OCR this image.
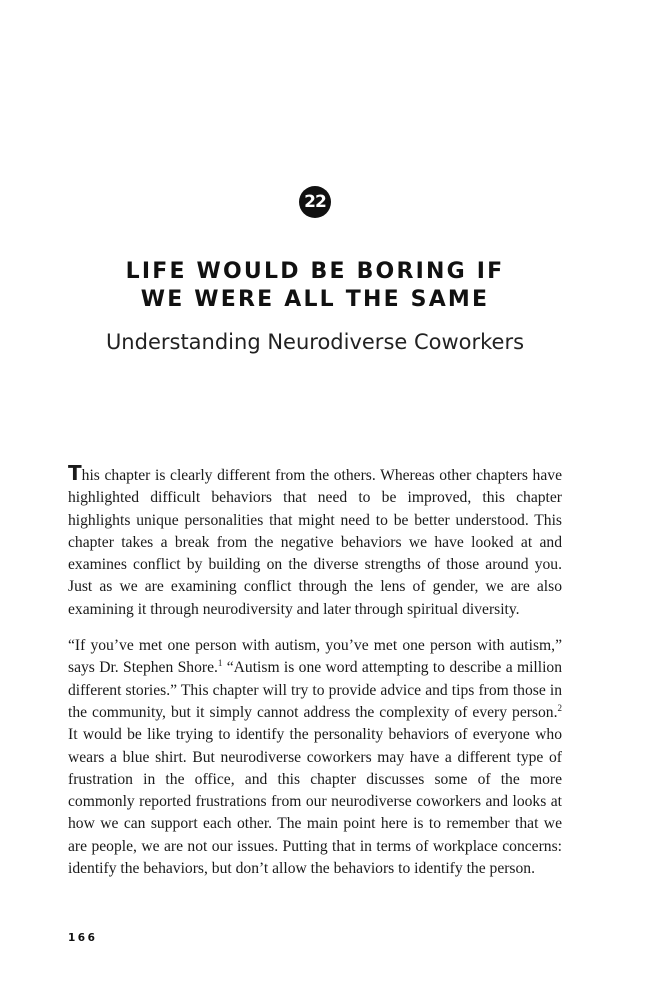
22
LIFE WOULD BE BORING IF
WE WERE ALL THE SAME
Understanding Neurodiverse Coworkers

This chapter is clearly different from the others. Whereas other chapters have highlighted difficult behaviors that need to be improved, this chapter highlights unique personalities that might need to be better understood. This chapter takes a break from the negative behaviors we have looked at and examines conflict by building on the diverse strengths of those around you. Just as we are examining conflict through the lens of gender, we are also examining it through neurodiversity and later through spiritual diversity.

“If you’ve met one person with autism, you’ve met one person with autism,” says Dr. Stephen Shore.$^1$ “Autism is one word attempting to describe a million different stories.” This chapter will try to provide advice and tips from those in the community, but it simply cannot address the complexity of every person.$^2$ It would be like trying to identify the personality behaviors of everyone who wears a blue shirt. But neurodiverse coworkers may have a different type of frustration in the office, and this chapter discusses some of the more commonly reported frustrations from our neurodiverse coworkers and looks at how we can support each other. The main point here is to remember that we are people, we are not our issues. Putting that in terms of workplace concerns: identify the behaviors, but don’t allow the behaviors to identify the person.

166
